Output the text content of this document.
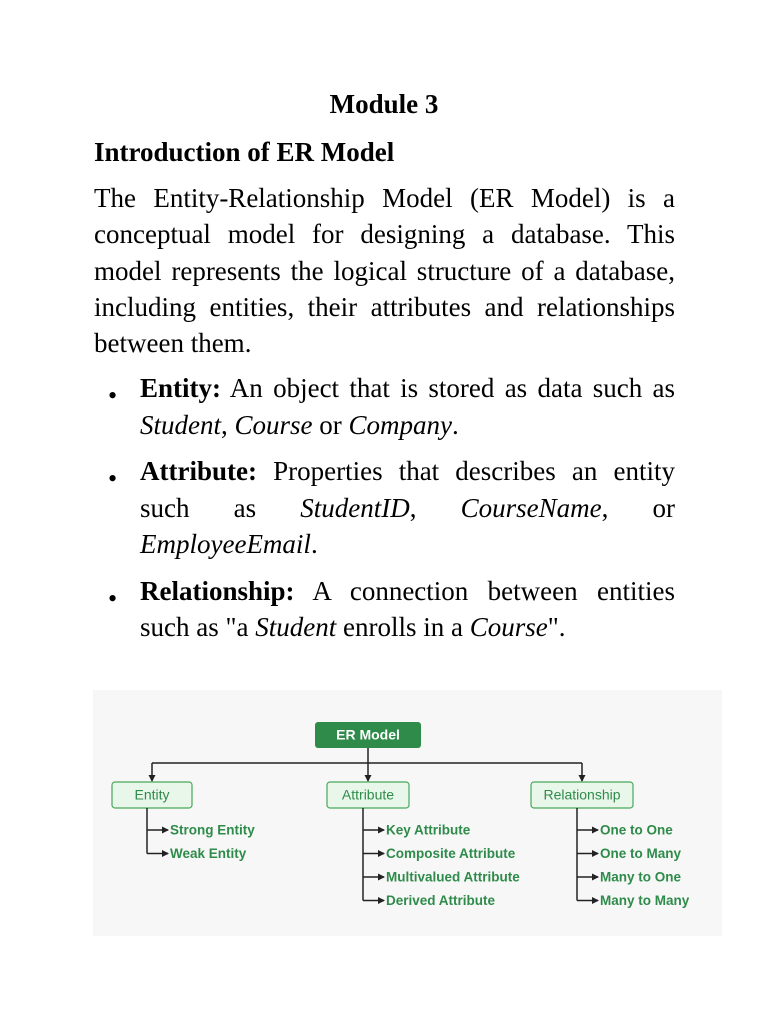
Module 3
Introduction of ER Model
The Entity-Relationship Model (ER Model) is a conceptual model for designing a database. This model represents the logical structure of a database, including entities, their attributes and relationships between them.
• Entity: An object that is stored as data such as Student, Course or Company.
• Attribute: Properties that describes an entity such as StudentID, CourseName, or EmployeeEmail.
• Relationship: A connection between entities such as "a Student enrolls in a Course".
ER Model
Entity
Strong Entity
Weak Entity
Attribute
Key Attribute
Composite Attribute
Multivalued Attribute
Derived Attribute
Relationship
One to One
One to Many
Many to One
Many to Many
